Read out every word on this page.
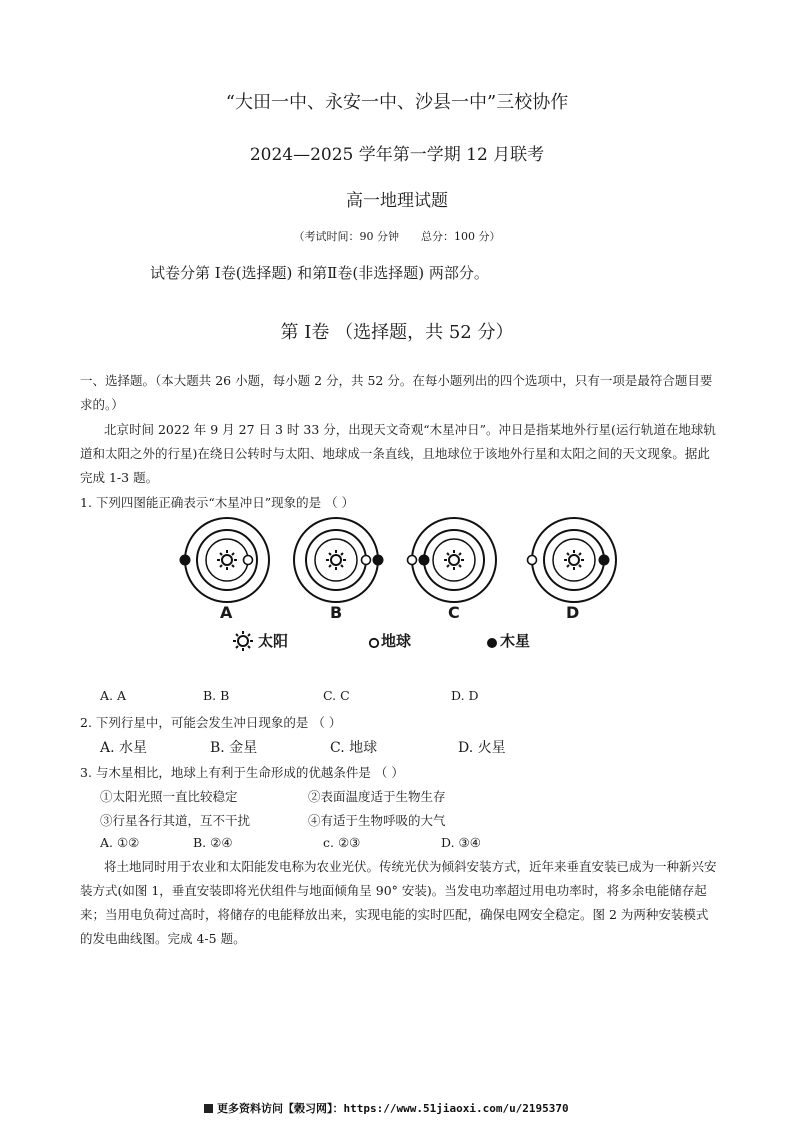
“大田一中、永安一中、沙县一中”三校协作
2024—2025 学年第一学期 12 月联考
高一地理试题
（考试时间：90 分钟　　总分：100 分）
试卷分第 Ⅰ卷(选择题) 和第Ⅱ卷(非选择题) 两部分。
第 Ⅰ卷 （选择题，共 52 分）
一、选择题。（本大题共 26 小题，每小题 2 分，共 52 分。在每小题列出的四个选项中，只有一项是最符合题目要求的。）
北京时间 2022 年 9 月 27 日 3 时 33 分，出现天文奇观“木星冲日”。冲日是指某地外行星(运行轨道在地球轨道和太阳之外的行星)在绕日公转时与太阳、地球成一条直线，且地球位于该地外行星和太阳之间的天文现象。据此完成 1-3 题。
1. 下列四图能正确表示“木星冲日”现象的是 （ ）
A	B	C	D
太阳	地球	木星
A. A	B. B	C. C	D. D
2. 下列行星中，可能会发生冲日现象的是 （ ）
A. 水星	B. 金星	C. 地球	D. 火星
3. 与木星相比，地球上有利于生命形成的优越条件是 （ ）
①太阳光照一直比较稳定	②表面温度适于生物生存
③行星各行其道，互不干扰	④有适于生物呼吸的大气
A. ①②	B. ②④	c. ②③	D. ③④
将土地同时用于农业和太阳能发电称为农业光伏。传统光伏为倾斜安装方式，近年来垂直安装已成为一种新兴安装方式(如图 1，垂直安装即将光伏组件与地面倾角呈 90° 安装)。当发电功率超过用电功率时，将多余电能储存起来；当用电负荷过高时，将储存的电能释放出来，实现电能的实时匹配，确保电网安全稳定。图 2 为两种安装模式的发电曲线图。完成 4-5 题。
更多资料访问【榖习网】：https://www.51jiaoxi.com/u/2195370
